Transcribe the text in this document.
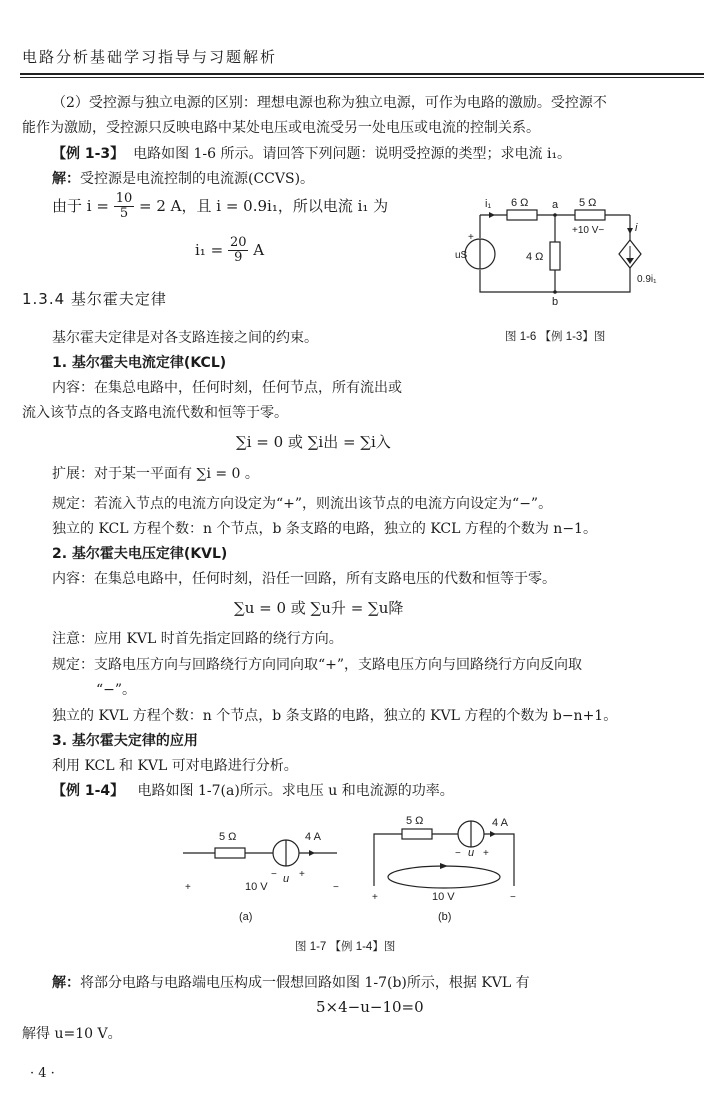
电路分析基础学习指导与习题解析
（2）受控源与独立电源的区别：理想电源也称为独立电源，可作为电路的激励。受控源不
能作为激励，受控源只反映电路中某处电压或电流受另一处电压或电流的控制关系。
【例 1-3】 电路如图 1-6 所示。请回答下列问题：说明受控源的类型；求电流 i₁。
解：受控源是电流控制的电流源(CCVS)。
由于 $i = \frac{10}{5} = 2$ A，且 i = 0.9i₁，所以电流 i₁ 为
$i_1 = \frac{20}{9}$ A
i₁ 6 Ω a 5 Ω
+10 V−	i
4 Ω
+
uS
0.9i₁
b
图 1-6 【例 1-3】图
1.3.4 基尔霍夫定律
基尔霍夫定律是对各支路连接之间的约束。
1. 基尔霍夫电流定律(KCL)
内容：在集总电路中，任何时刻，任何节点，所有流出或
流入该节点的各支路电流代数和恒等于零。
∑i = 0 或 ∑i出 = ∑i入
扩展：对于某一平面有 ∑i = 0 。
规定：若流入节点的电流方向设定为“+”，则流出该节点的电流方向设定为“−”。
独立的 KCL 方程个数：n 个节点，b 条支路的电路，独立的 KCL 方程的个数为 n−1。
2. 基尔霍夫电压定律(KVL)
内容：在集总电路中，任何时刻，沿任一回路，所有支路电压的代数和恒等于零。
∑u = 0 或 ∑u升 = ∑u降
注意：应用 KVL 时首先指定回路的绕行方向。
规定：支路电压方向与回路绕行方向同向取“+”，支路电压方向与回路绕行方向反向取
“−”。
独立的 KVL 方程个数：n 个节点，b 条支路的电路，独立的 KVL 方程的个数为 b−n+1。
3. 基尔霍夫定律的应用
利用 KCL 和 KVL 可对电路进行分析。
【例 1-4】 电路如图 1-7(a)所示。求电压 u 和电流源的功率。
5 Ω	4 A
− +
u
+	−
10 V
(a)
5 Ω	4 A
− +
u
+	−
10 V
(b)
图 1-7 【例 1-4】图
解：将部分电路与电路端电压构成一假想回路如图 1-7(b)所示，根据 KVL 有
5×4−u−10=0
解得 u=10 V。
· 4 ·
